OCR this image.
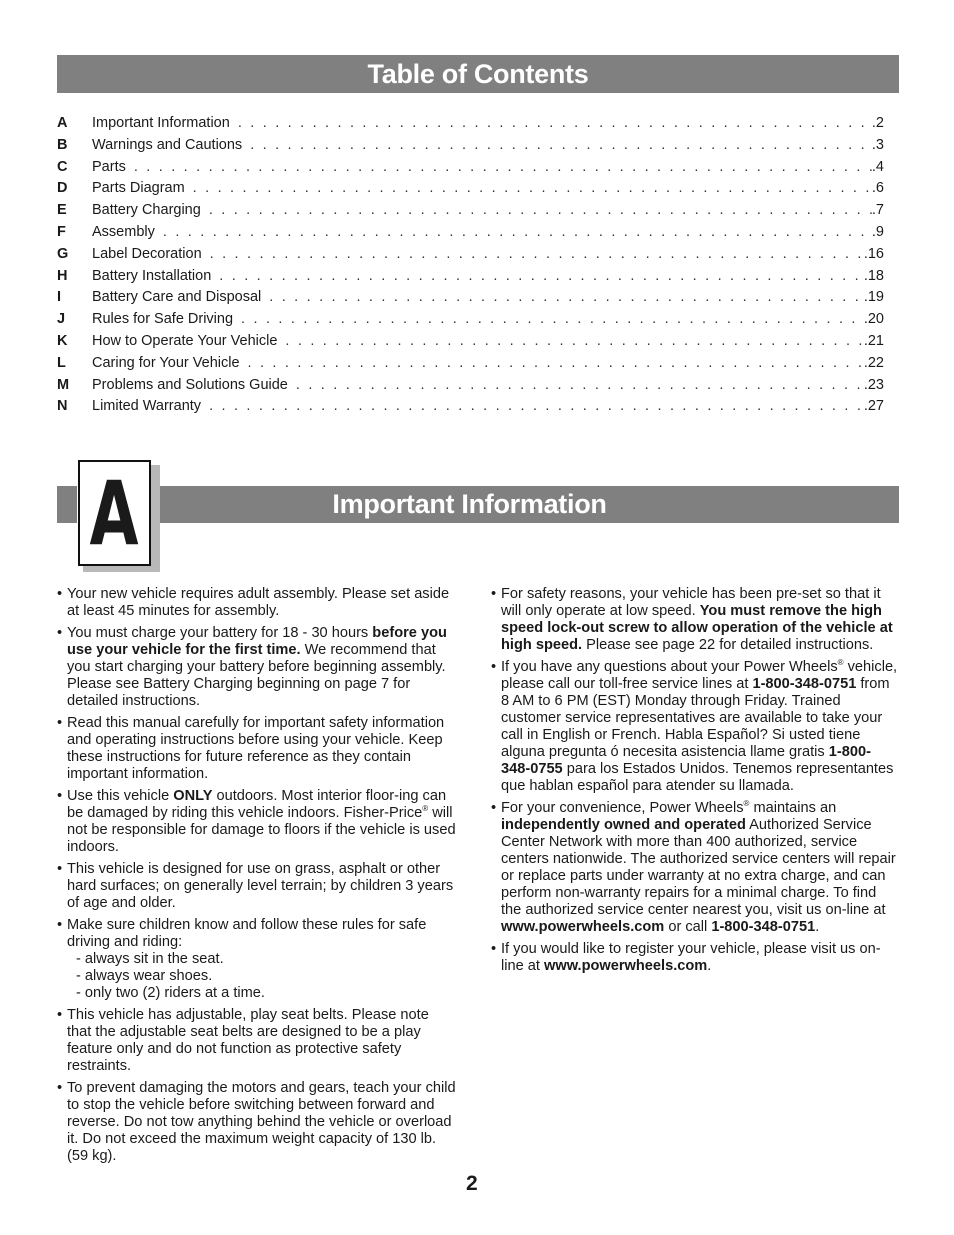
Table of Contents
A	Important Information . . .	.2
B	Warnings and Cautions . . .	.3
C	Parts . . .	.4
D	Parts Diagram . . .	.6
E	Battery Charging . . .	.7
F	Assembly . . .	.9
G	Label Decoration . . .	.16
H	Battery Installation . . .	.18
I	Battery Care and Disposal . . .	.19
J	Rules for Safe Driving . . .	.20
K	How to Operate Your Vehicle . . .	.21
L	Caring for Your Vehicle . . .	.22
M	Problems and Solutions Guide . . .	.23
N	Limited Warranty . . .	.27
Important Information
A
• Your new vehicle requires adult assembly. Please set aside at least 45 minutes for assembly.
• You must charge your battery for 18 - 30 hours before you use your vehicle for the first time. We recommend that you start charging your battery before beginning assembly. Please see Battery Charging beginning on page 7 for detailed instructions.
• Read this manual carefully for important safety information and operating instructions before using your vehicle. Keep these instructions for future reference as they contain important information.
• Use this vehicle ONLY outdoors. Most interior floor-ing can be damaged by riding this vehicle indoors. Fisher-Price® will not be responsible for damage to floors if the vehicle is used indoors.
• This vehicle is designed for use on grass, asphalt or other hard surfaces; on generally level terrain; by children 3 years of age and older.
• Make sure children know and follow these rules for safe driving and riding:
- always sit in the seat.
- always wear shoes.
- only two (2) riders at a time.
• This vehicle has adjustable, play seat belts. Please note that the adjustable seat belts are designed to be a play feature only and do not function as protective safety restraints.
• To prevent damaging the motors and gears, teach your child to stop the vehicle before switching between forward and reverse. Do not tow anything behind the vehicle or overload it. Do not exceed the maximum weight capacity of 130 lb. (59 kg).
• For safety reasons, your vehicle has been pre-set so that it will only operate at low speed. You must remove the high speed lock-out screw to allow operation of the vehicle at high speed. Please see page 22 for detailed instructions.
• If you have any questions about your Power Wheels® vehicle, please call our toll-free service lines at 1-800-348-0751 from 8 AM to 6 PM (EST) Monday through Friday. Trained customer service representatives are available to take your call in English or French. Habla Español? Si usted tiene alguna pregunta ó necesita asistencia llame gratis 1-800-348-0755 para los Estados Unidos. Tenemos representantes que hablan español para atender su llamada.
• For your convenience, Power Wheels® maintains an independently owned and operated Authorized Service Center Network with more than 400 authorized, service centers nationwide. The authorized service centers will repair or replace parts under warranty at no extra charge, and can perform non-warranty repairs for a minimal charge. To find the authorized service center nearest you, visit us on-line at www.powerwheels.com or call 1-800-348-0751.
• If you would like to register your vehicle, please visit us on-line at www.powerwheels.com.
2
